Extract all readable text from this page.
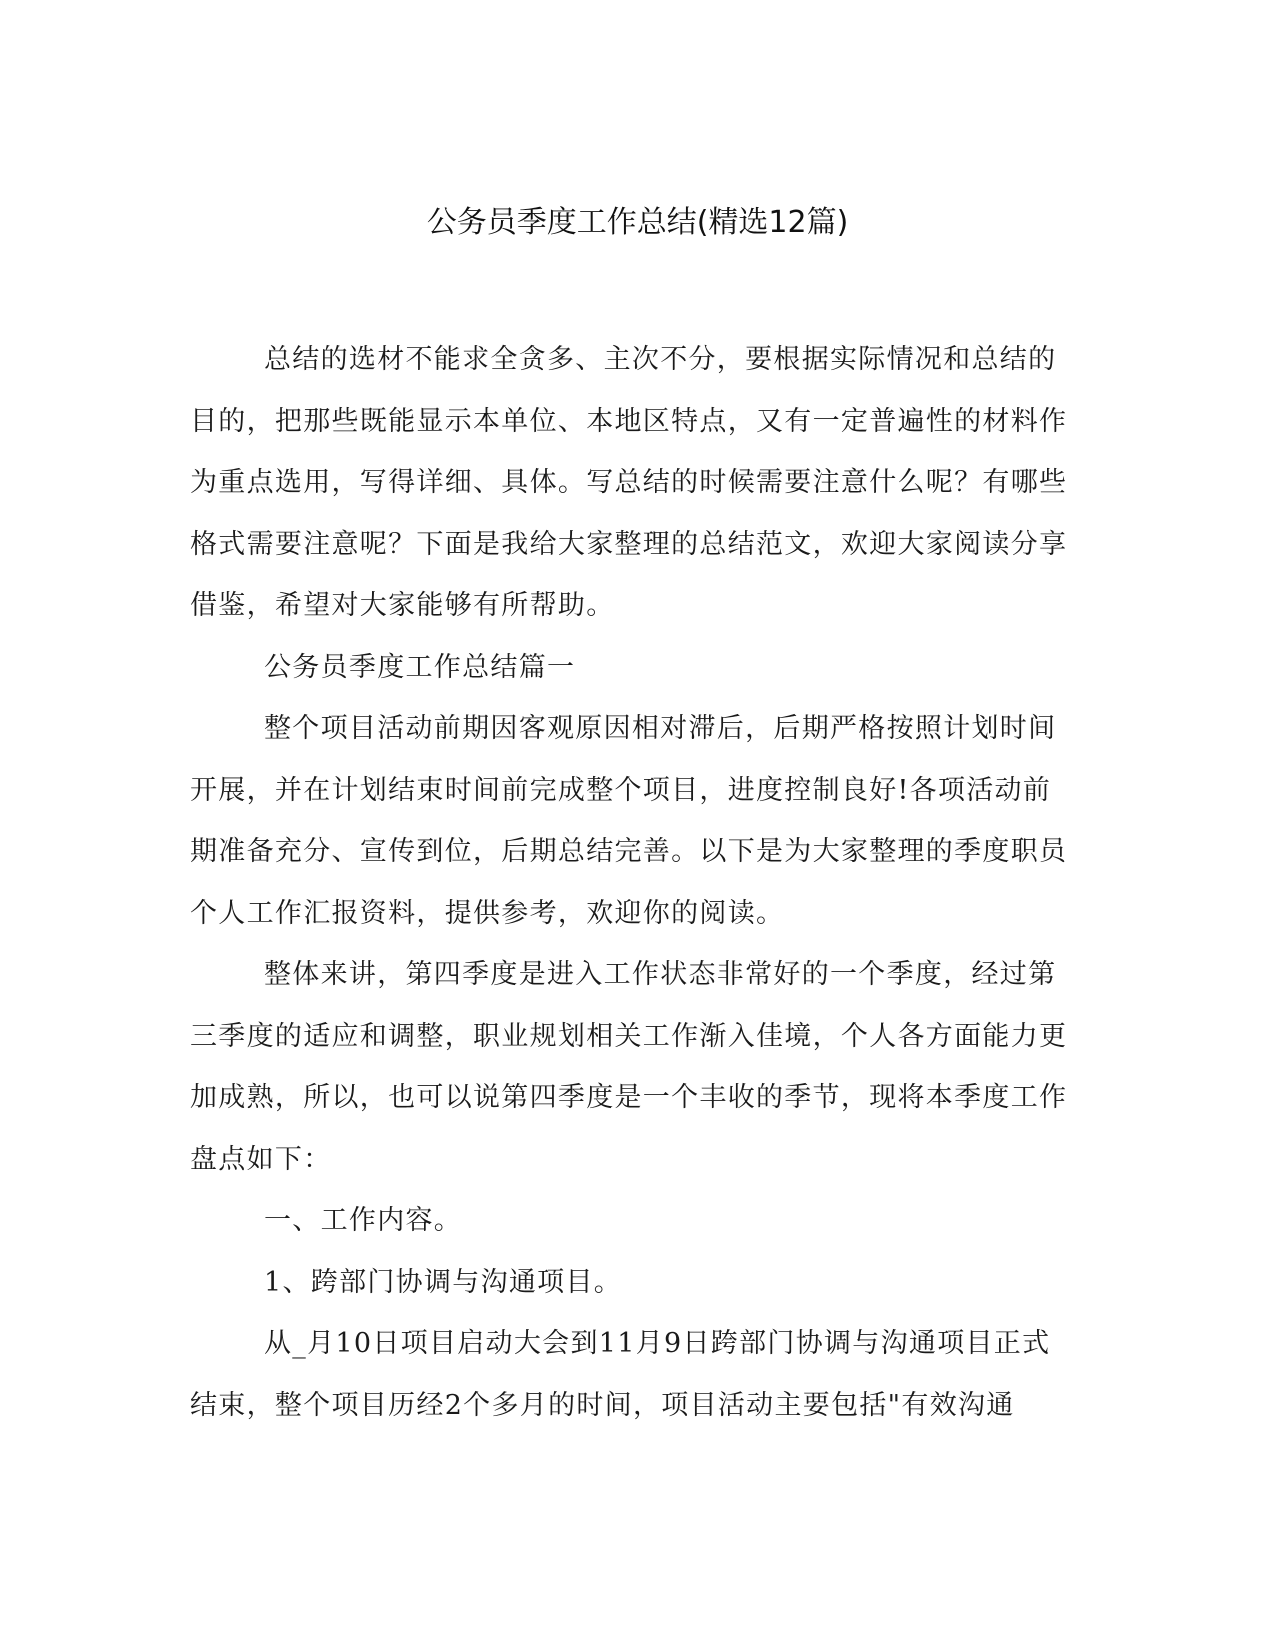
公务员季度工作总结(精选12篇)

总结的选材不能求全贪多、主次不分，要根据实际情况和总结的目的，把那些既能显示本单位、本地区特点，又有一定普遍性的材料作为重点选用，写得详细、具体。写总结的时候需要注意什么呢？有哪些格式需要注意呢？下面是我给大家整理的总结范文，欢迎大家阅读分享借鉴，希望对大家能够有所帮助。

公务员季度工作总结篇一

整个项目活动前期因客观原因相对滞后，后期严格按照计划时间开展，并在计划结束时间前完成整个项目，进度控制良好!各项活动前期准备充分、宣传到位，后期总结完善。以下是为大家整理的季度职员个人工作汇报资料，提供参考，欢迎你的阅读。

整体来讲，第四季度是进入工作状态非常好的一个季度，经过第三季度的适应和调整，职业规划相关工作渐入佳境，个人各方面能力更加成熟，所以，也可以说第四季度是一个丰收的季节，现将本季度工作盘点如下：

一、工作内容。

1、跨部门协调与沟通项目。

从_月10日项目启动大会到11月9日跨部门协调与沟通项目正式结束，整个项目历经2个多月的时间，项目活动主要包括"有效沟通
